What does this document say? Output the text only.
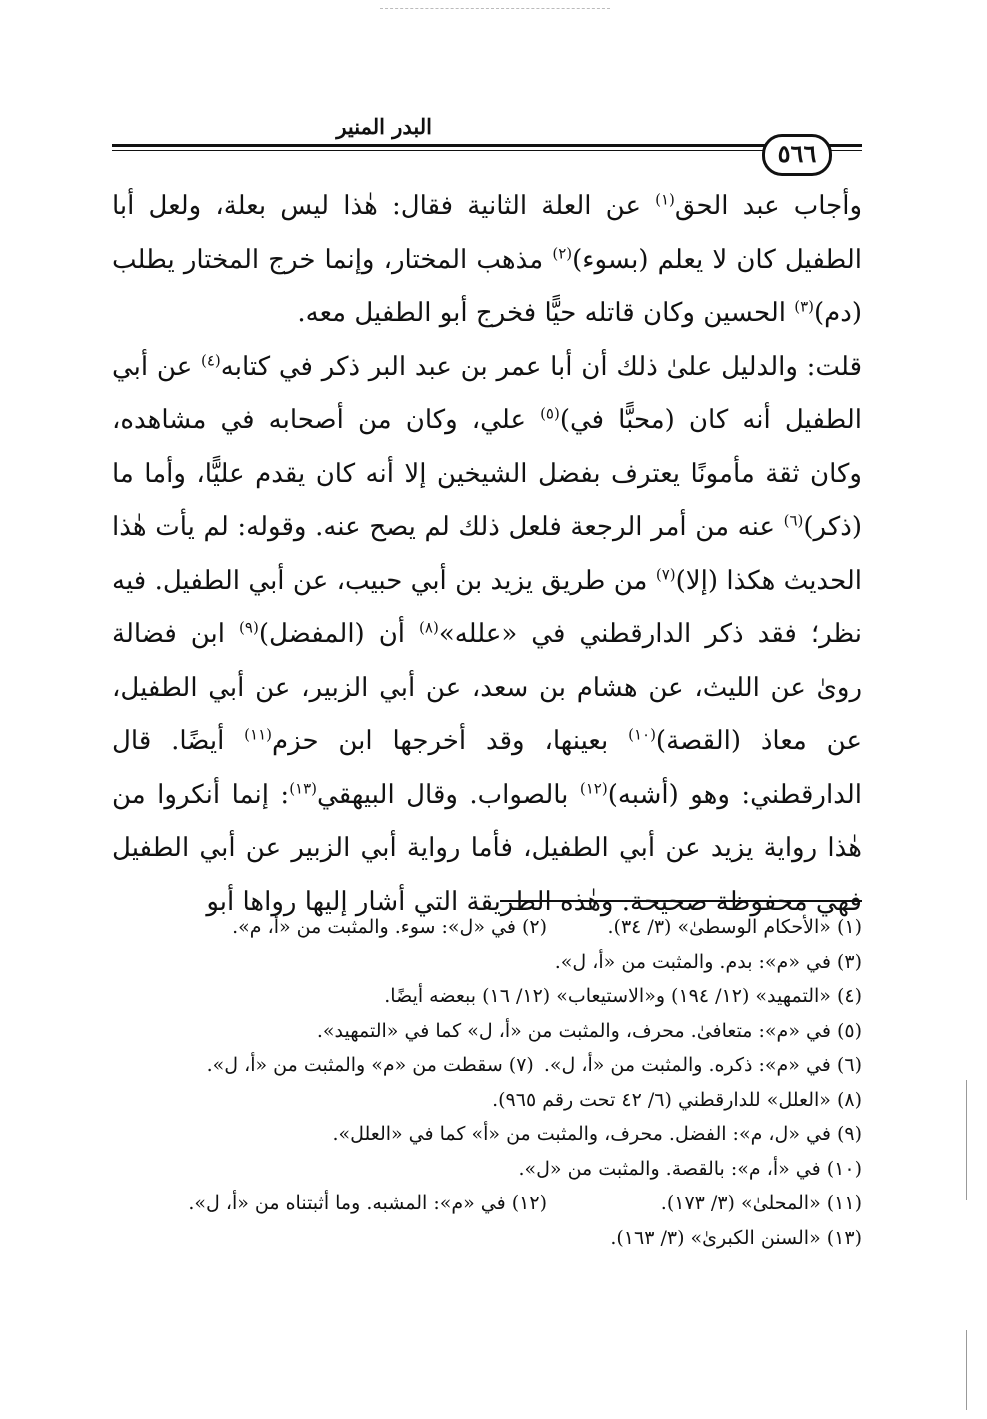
البدر المنير
٥٦٦

وأجاب عبد الحق$^{(١)}$ عن العلة الثانية فقال: هٰذا ليس بعلة، ولعل أبا الطفيل كان لا يعلم (بسوء)$^{(٢)}$ مذهب المختار، وإنما خرج المختار يطلب (دم)$^{(٣)}$ الحسين وكان قاتله حيًّا فخرج أبو الطفيل معه.

قلت: والدليل علىٰ ذلك أن أبا عمر بن عبد البر ذكر في كتابه$^{(٤)}$ عن أبي الطفيل أنه كان (محبًّا في)$^{(٥)}$ علي، وكان من أصحابه في مشاهده، وكان ثقة مأمونًا يعترف بفضل الشيخين إلا أنه كان يقدم عليًّا، وأما ما (ذكر)$^{(٦)}$ عنه من أمر الرجعة فلعل ذلك لم يصح عنه. وقوله: لم يأت هٰذا الحديث هكذا (إلا)$^{(٧)}$ من طريق يزيد بن أبي حبيب، عن أبي الطفيل. فيه نظر؛ فقد ذكر الدارقطني في «علله»$^{(٨)}$ أن (المفضل)$^{(٩)}$ ابن فضالة روىٰ عن الليث، عن هشام بن سعد، عن أبي الزبير، عن أبي الطفيل، عن معاذ (القصة)$^{(١٠)}$ بعينها، وقد أخرجها ابن حزم$^{(١١)}$ أيضًا. قال الدارقطني: وهو (أشبه)$^{(١٢)}$ بالصواب. وقال البيهقي$^{(١٣)}$: إنما أنكروا من هٰذا رواية يزيد عن أبي الطفيل، فأما رواية أبي الزبير عن أبي الطفيل فهي محفوظة صحيحة. وهٰذه الطريقة التي أشار إليها رواها أبو

(١) «الأحكام الوسطىٰ» (٣/ ٣٤).
(٢) في «ل»: سوء. والمثبت من «أ، م».
(٣) في «م»: بدم. والمثبت من «أ، ل».
(٤) «التمهيد» (١٢/ ١٩٤) و«الاستيعاب» (١٢/ ١٦) ببعضه أيضًا.
(٥) في «م»: متعافىٰ. محرف، والمثبت من «أ، ل» كما في «التمهيد».
(٦) في «م»: ذكره. والمثبت من «أ، ل».
(٧) سقطت من «م» والمثبت من «أ، ل».
(٨) «العلل» للدارقطني (٦/ ٤٢ تحت رقم ٩٦٥).
(٩) في «ل، م»: الفضل. محرف، والمثبت من «أ» كما في «العلل».
(١٠) في «أ، م»: بالقصة. والمثبت من «ل».
(١١) «المحلىٰ» (٣/ ١٧٣).
(١٢) في «م»: المشبه. وما أثبتناه من «أ، ل».
(١٣) «السنن الكبرىٰ» (٣/ ١٦٣).
